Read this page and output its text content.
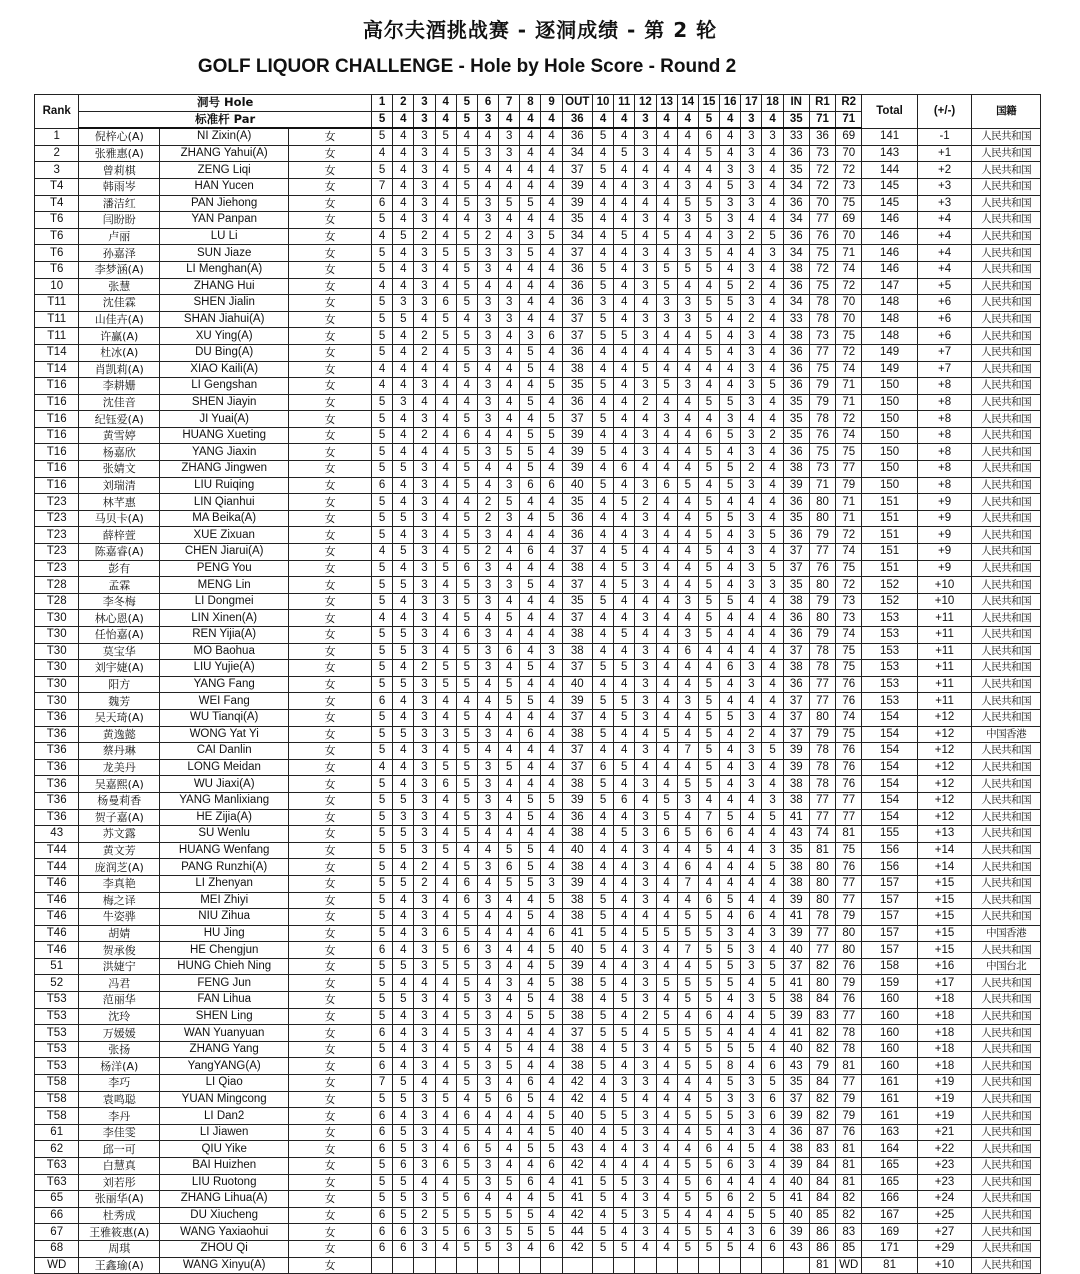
高尔夫酒挑战赛 - 逐洞成绩 - 第 2 轮
GOLF LIQUOR CHALLENGE - Hole by Hole Score - Round 2
Rank	洞号 Hole			1	2	3	4	5	6	7	8	9	OUT	10	11	12	13	14	15	16	17	18	IN	R1	R2	Total	(+/-)	国籍
	标准杆 Par			5	4	3	4	5	3	4	4	4	36	4	4	3	4	4	5	4	3	4	35	71	71			
1	倪梓心(A)	NI Zixin(A)	女	5	4	3	5	4	4	3	4	4	36	5	4	3	4	4	6	4	3	3	33	36	69	141	-1	人民共和国
2	张雅惠(A)	ZHANG Yahui(A)	女	4	4	3	4	5	3	3	4	4	34	4	5	3	4	4	5	4	3	4	36	73	70	143	+1	人民共和国
3	曾莉棋	ZENG Liqi	女	5	4	3	4	5	4	4	4	4	37	5	4	4	4	4	4	3	3	4	35	72	72	144	+2	人民共和国
T4	韩雨岑	HAN Yucen	女	7	4	3	4	5	4	4	4	4	39	4	4	3	4	3	4	5	3	4	34	72	73	145	+3	人民共和国
T4	潘洁红	PAN Jiehong	女	6	4	3	4	5	3	5	5	4	39	4	4	4	4	5	5	3	3	4	36	70	75	145	+3	人民共和国
T6	闫盼盼	YAN Panpan	女	5	4	3	4	4	3	4	4	4	35	4	4	3	4	3	5	3	4	4	34	77	69	146	+4	人民共和国
T6	卢丽	LU Li	女	4	5	2	4	5	2	4	3	5	34	4	5	4	5	4	4	3	2	5	36	76	70	146	+4	人民共和国
T6	孙嘉泽	SUN Jiaze	女	5	4	3	5	5	3	3	5	4	37	4	4	3	4	3	5	4	4	3	34	75	71	146	+4	人民共和国
T6	李梦涵(A)	LI Menghan(A)	女	5	4	3	4	5	3	4	4	4	36	5	4	3	5	5	5	4	3	4	38	72	74	146	+4	人民共和国
10	张慧	ZHANG Hui	女	4	4	3	4	5	4	4	4	4	36	5	4	3	5	4	4	5	2	4	36	75	72	147	+5	人民共和国
T11	沈佳霖	SHEN Jialin	女	5	3	3	6	5	3	3	4	4	36	3	4	4	3	3	5	5	3	4	34	78	70	148	+6	人民共和国
T11	山佳卉(A)	SHAN Jiahui(A)	女	5	5	4	5	4	3	3	4	4	37	5	4	3	3	3	5	4	2	4	33	78	70	148	+6	人民共和国
T11	许赢(A)	XU Ying(A)	女	5	4	2	5	5	3	4	3	6	37	5	5	3	4	4	5	4	3	4	38	73	75	148	+6	人民共和国
T14	杜冰(A)	DU Bing(A)	女	5	4	2	4	5	3	4	5	4	36	4	4	4	4	4	5	4	3	4	36	77	72	149	+7	人民共和国
T14	肖凯莉(A)	XIAO Kaili(A)	女	4	4	4	4	5	4	4	5	4	38	4	4	5	4	4	4	4	3	4	36	75	74	149	+7	人民共和国
T16	李耕姗	LI Gengshan	女	4	4	3	4	4	3	4	4	5	35	5	4	3	5	3	4	4	3	5	36	79	71	150	+8	人民共和国
T16	沈佳音	SHEN Jiayin	女	5	3	4	4	4	3	4	5	4	36	4	4	2	4	4	5	5	3	4	35	79	71	150	+8	人民共和国
T16	纪钰爱(A)	JI Yuai(A)	女	5	4	3	4	5	3	4	4	5	37	5	4	4	3	4	4	3	4	4	35	78	72	150	+8	人民共和国
T16	黄雪婷	HUANG Xueting	女	5	4	2	4	6	4	4	5	5	39	4	4	3	4	4	6	5	3	2	35	76	74	150	+8	人民共和国
T16	杨嘉欣	YANG Jiaxin	女	5	4	4	4	5	3	5	5	4	39	5	4	3	4	4	5	4	3	4	36	75	75	150	+8	人民共和国
T16	张婧文	ZHANG Jingwen	女	5	5	3	4	5	4	4	5	4	39	4	6	4	4	4	5	5	2	4	38	73	77	150	+8	人民共和国
T16	刘瑞清	LIU Ruiqing	女	6	4	3	4	5	4	3	6	6	40	5	4	3	6	5	4	5	3	4	39	71	79	150	+8	人民共和国
T23	林芊惠	LIN Qianhui	女	5	4	3	4	4	2	5	4	4	35	4	5	2	4	4	5	4	4	4	36	80	71	151	+9	人民共和国
T23	马贝卡(A)	MA Beika(A)	女	5	5	3	4	5	2	3	4	5	36	4	4	3	4	4	5	5	3	4	35	80	71	151	+9	人民共和国
T23	薛梓萱	XUE Zixuan	女	5	4	3	4	5	3	4	4	4	36	4	4	3	4	4	5	4	3	5	36	79	72	151	+9	人民共和国
T23	陈嘉睿(A)	CHEN Jiarui(A)	女	4	5	3	4	5	2	4	6	4	37	4	5	4	4	4	5	4	3	4	37	77	74	151	+9	人民共和国
T23	彭有	PENG You	女	5	4	3	5	6	3	4	4	4	38	4	5	3	4	4	5	4	3	5	37	76	75	151	+9	人民共和国
T28	孟霖	MENG Lin	女	5	5	3	4	5	3	3	5	4	37	4	5	3	4	4	5	4	3	3	35	80	72	152	+10	人民共和国
T28	李冬梅	LI Dongmei	女	5	4	3	3	5	3	4	4	4	35	5	4	4	4	3	5	5	4	4	38	79	73	152	+10	人民共和国
T30	林心恩(A)	LIN Xinen(A)	女	4	4	3	4	5	4	5	4	4	37	4	4	3	4	4	5	4	4	4	36	80	73	153	+11	人民共和国
T30	任怡嘉(A)	REN Yijia(A)	女	5	5	3	4	6	3	4	4	4	38	4	5	4	4	3	5	4	4	4	36	79	74	153	+11	人民共和国
T30	莫宝华	MO Baohua	女	5	5	3	4	5	3	6	4	3	38	4	4	3	4	6	4	4	4	4	37	78	75	153	+11	人民共和国
T30	刘宇婕(A)	LIU Yujie(A)	女	5	4	2	5	5	3	4	5	4	37	5	5	3	4	4	4	6	3	4	38	78	75	153	+11	人民共和国
T30	阳方	YANG Fang	女	5	5	3	5	5	4	5	4	4	40	4	4	3	4	4	5	4	3	4	36	77	76	153	+11	人民共和国
T30	魏芳	WEI Fang	女	6	4	3	4	4	4	5	5	4	39	5	5	3	4	3	5	4	4	4	37	77	76	153	+11	人民共和国
T36	吴天琦(A)	WU Tianqi(A)	女	5	4	3	4	5	4	4	4	4	37	4	5	3	4	4	5	5	3	4	37	80	74	154	+12	人民共和国
T36	黄逸懿	WONG Yat Yi	女	5	5	3	3	5	3	4	6	4	38	5	4	4	5	4	5	4	2	4	37	79	75	154	+12	中国香港
T36	蔡丹琳	CAI Danlin	女	5	4	3	4	5	4	4	4	4	37	4	4	3	4	7	5	4	3	5	39	78	76	154	+12	人民共和国
T36	龙美丹	LONG Meidan	女	4	4	3	5	5	3	5	4	4	37	6	5	4	4	4	5	4	3	4	39	78	76	154	+12	人民共和国
T36	吴嘉熙(A)	WU Jiaxi(A)	女	5	4	3	6	5	3	4	4	4	38	5	4	3	4	5	5	4	3	4	38	78	76	154	+12	人民共和国
T36	杨曼莉香	YANG Manlixiang	女	5	5	3	4	5	3	4	5	5	39	5	6	4	5	3	4	4	4	3	38	77	77	154	+12	人民共和国
T36	贺子嘉(A)	HE Zijia(A)	女	5	3	3	4	5	3	4	5	4	36	4	4	3	5	4	7	5	4	5	41	77	77	154	+12	人民共和国
43	苏文露	SU Wenlu	女	5	5	3	4	5	4	4	4	4	38	4	5	3	6	5	6	6	4	4	43	74	81	155	+13	人民共和国
T44	黄文芳	HUANG Wenfang	女	5	5	3	5	4	4	5	5	4	40	4	4	3	4	4	5	4	4	3	35	81	75	156	+14	人民共和国
T44	庞润芝(A)	PANG Runzhi(A)	女	5	4	2	4	5	3	6	5	4	38	4	4	3	4	6	4	4	4	5	38	80	76	156	+14	人民共和国
T46	李真艳	LI Zhenyan	女	5	5	2	4	6	4	5	5	3	39	4	4	3	4	7	4	4	4	4	38	80	77	157	+15	人民共和国
T46	梅之译	MEI Zhiyi	女	5	4	3	4	6	3	4	4	5	38	5	4	3	4	4	6	5	4	4	39	80	77	157	+15	人民共和国
T46	牛姿骅	NIU Zihua	女	5	4	3	4	5	4	4	5	4	38	5	4	4	4	5	5	4	6	4	41	78	79	157	+15	人民共和国
T46	胡婧	HU Jing	女	5	4	3	6	5	4	4	4	6	41	5	4	5	5	5	5	3	4	3	39	77	80	157	+15	中国香港
T46	贺承俊	HE Chengjun	女	6	4	3	5	6	3	4	4	5	40	5	4	3	4	7	5	5	3	4	40	77	80	157	+15	人民共和国
51	洪婕宁	HUNG Chieh Ning	女	5	5	3	5	5	3	4	4	5	39	4	4	3	4	4	5	5	3	5	37	82	76	158	+16	中国台北
52	冯君	FENG Jun	女	5	4	4	4	5	4	3	4	5	38	5	4	3	5	5	5	5	4	5	41	80	79	159	+17	人民共和国
T53	范丽华	FAN Lihua	女	5	5	3	4	5	3	4	5	4	38	4	5	3	4	5	5	4	3	5	38	84	76	160	+18	人民共和国
T53	沈玲	SHEN Ling	女	5	4	3	4	5	3	4	5	5	38	5	4	2	5	4	6	4	4	5	39	83	77	160	+18	人民共和国
T53	万媛媛	WAN Yuanyuan	女	6	4	3	4	5	3	4	4	4	37	5	5	4	5	5	5	4	4	4	41	82	78	160	+18	人民共和国
T53	张扬	ZHANG Yang	女	5	4	3	4	5	4	5	4	4	38	4	5	3	4	5	5	5	5	4	40	82	78	160	+18	人民共和国
T53	杨洋(A)	YangYANG(A)	女	6	4	3	4	5	3	5	4	4	38	5	4	3	4	5	5	8	4	6	43	79	81	160	+18	人民共和国
T58	李巧	LI Qiao	女	7	5	4	4	5	3	4	6	4	42	4	3	3	4	4	4	5	3	5	35	84	77	161	+19	人民共和国
T58	袁鸣聪	YUAN Mingcong	女	5	5	3	5	4	5	6	5	4	42	4	5	4	4	4	5	3	3	6	37	82	79	161	+19	人民共和国
T58	李丹	LI Dan2	女	6	4	3	4	6	4	4	4	5	40	5	5	3	4	5	5	5	3	6	39	82	79	161	+19	人民共和国
61	李佳雯	LI Jiawen	女	6	5	3	4	5	4	4	4	5	40	4	5	3	4	4	5	4	3	4	36	87	76	163	+21	人民共和国
62	邱一可	QIU Yike	女	6	5	3	4	6	5	4	5	5	43	4	4	3	4	4	6	4	5	4	38	83	81	164	+22	人民共和国
T63	白慧真	BAI Huizhen	女	5	6	3	6	5	3	4	4	6	42	4	4	4	4	5	5	6	3	4	39	84	81	165	+23	人民共和国
T63	刘若彤	LIU Ruotong	女	5	5	4	4	5	3	5	6	4	41	5	5	3	4	5	6	4	4	4	40	84	81	165	+23	人民共和国
65	张丽华(A)	ZHANG Lihua(A)	女	5	5	3	5	6	4	4	4	5	41	5	4	3	4	5	5	6	2	5	41	84	82	166	+24	人民共和国
66	杜秀成	DU Xiucheng	女	6	5	2	5	5	5	5	5	4	42	4	5	3	5	4	4	4	5	5	40	85	82	167	+25	人民共和国
67	王雅筱惠(A)	WANG Yaxiaohui	女	6	6	3	5	6	3	5	5	5	44	5	4	3	4	5	5	4	3	6	39	86	83	169	+27	人民共和国
68	周琪	ZHOU Qi	女	6	6	3	4	5	5	3	4	6	42	5	5	4	4	5	5	5	4	6	43	86	85	171	+29	人民共和国
WD	王鑫瑜(A)	WANG Xinyu(A)	女																					81	WD	81	+10	人民共和国
